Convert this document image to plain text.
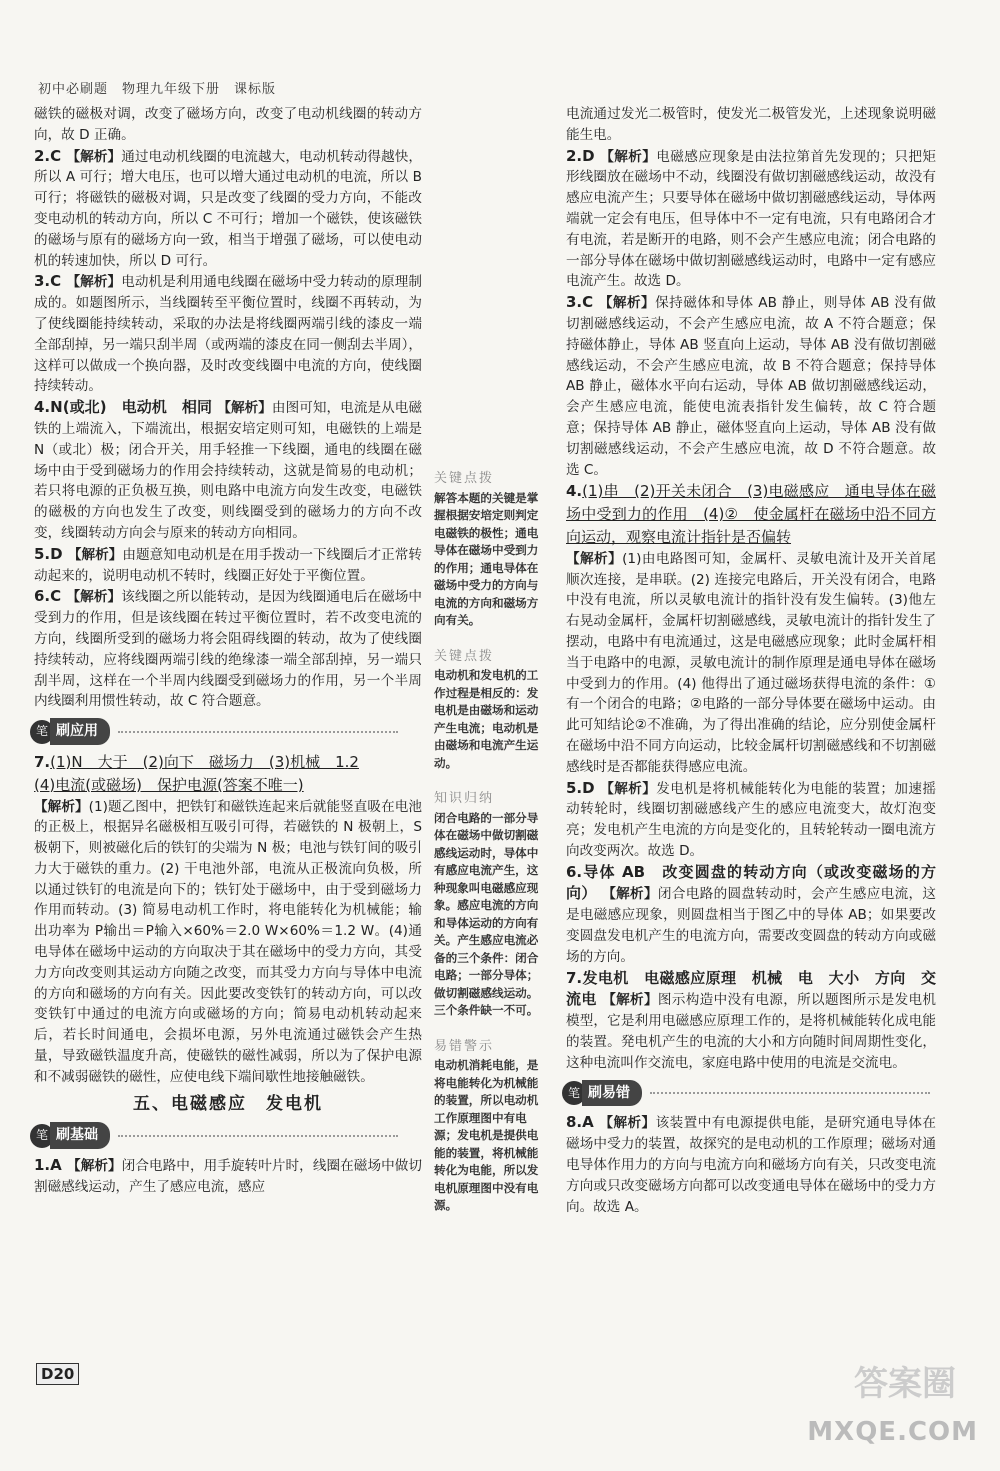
初中必刷题　物理九年级下册　课标版
磁铁的磁极对调，改变了磁场方向，改变了电动机线圈的转动方向，故 D 正确。
2.C 【解析】通过电动机线圈的电流越大，电动机转动得越快，所以 A 可行；增大电压，也可以增大通过电动机的电流，所以 B 可行；将磁铁的磁极对调，只是改变了线圈的受力方向，不能改变电动机的转动方向，所以 C 不可行；增加一个磁铁，使该磁铁的磁场与原有的磁场方向一致，相当于增强了磁场，可以使电动机的转速加快，所以 D 可行。
3.C 【解析】电动机是利用通电线圈在磁场中受力转动的原理制成的。如题图所示，当线圈转至平衡位置时，线圈不再转动，为了使线圈能持续转动，采取的办法是将线圈两端引线的漆皮一端全部刮掉，另一端只刮半周（或两端的漆皮在同一侧刮去半周），这样可以做成一个换向器，及时改变线圈中电流的方向，使线圈持续转动。
4.N(或北)　电动机　相同 【解析】由图可知，电流是从电磁铁的上端流入，下端流出，根据安培定则可知，电磁铁的上端是 N（或北）极；闭合开关，用手轻推一下线圈，通电的线圈在磁场中由于受到磁场力的作用会持续转动，这就是简易的电动机；若只将电源的正负极互换，则电路中电流方向发生改变，电磁铁的磁极的方向也发生了改变，则线圈受到的磁场力的方向不改变，线圈转动方向会与原来的转动方向相同。
5.D 【解析】由题意知电动机是在用手拨动一下线圈后才正常转动起来的，说明电动机不转时，线圈正好处于平衡位置。
6.C 【解析】该线圈之所以能转动，是因为线圈通电后在磁场中受到力的作用，但是该线圈在转过平衡位置时，若不改变电流的方向，线圈所受到的磁场力将会阻碍线圈的转动，故为了使线圈持续转动，应将线圈两端引线的绝缘漆一端全部刮掉，另一端只刮半周，这样在一个半周内线圈受到磁场力的作用，另一个半周内线圈利用惯性转动，故 C 符合题意。
笔 刷应用
7.(1)N　大于　(2)向下　磁场力　(3)机械　1.2
(4)电流(或磁场)　保护电源(答案不唯一)
【解析】(1)题乙图中，把铁钉和磁铁连起来后就能竖直吸在电池的正极上，根据异名磁极相互吸引可得，若磁铁的 N 极朝上，S 极朝下，则被磁化后的铁钉的尖端为 N 极；电池与铁钉间的吸引力大于磁铁的重力。(2) 干电池外部，电流从正极流向负极，所以通过铁钉的电流是向下的；铁钉处于磁场中，由于受到磁场力作用而转动。(3) 简易电动机工作时，将电能转化为机械能；输出功率为 P输出＝P输入×60%＝2.0 W×60%＝1.2 W。(4)通电导体在磁场中运动的方向取决于其在磁场中的受力方向，其受力方向改变则其运动方向随之改变，而其受力方向与导体中电流的方向和磁场的方向有关。因此要改变铁钉的转动方向，可以改变铁钉中通过的电流方向或磁场的方向；简易电动机转动起来后，若长时间通电，会损坏电源，另外电流通过磁铁会产生热量，导致磁铁温度升高，使磁铁的磁性减弱，所以为了保护电源和不减弱磁铁的磁性，应使电线下端间歇性地接触磁铁。
五、电磁感应　发电机
笔 刷基础
1.A 【解析】闭合电路中，用手旋转叶片时，线圈在磁场中做切割磁感线运动，产生了感应电流，感应
电流通过发光二极管时，使发光二极管发光，上述现象说明磁能生电。
2.D 【解析】电磁感应现象是由法拉第首先发现的；只把矩形线圈放在磁场中不动，线圈没有做切割磁感线运动，故没有感应电流产生；只要导体在磁场中做切割磁感线运动，导体两端就一定会有电压，但导体中不一定有电流，只有电路闭合才有电流，若是断开的电路，则不会产生感应电流；闭合电路的一部分导体在磁场中做切割磁感线运动时，电路中一定有感应电流产生。故选 D。
3.C 【解析】保持磁体和导体 AB 静止，则导体 AB 没有做切割磁感线运动，不会产生感应电流，故 A 不符合题意；保持磁体静止，导体 AB 竖直向上运动，导体 AB 没有做切割磁感线运动，不会产生感应电流，故 B 不符合题意；保持导体 AB 静止，磁体水平向右运动，导体 AB 做切割磁感线运动，会产生感应电流，能使电流表指针发生偏转，故 C 符合题意；保持导体 AB 静止，磁体竖直向上运动，导体 AB 没有做切割磁感线运动，不会产生感应电流，故 D 不符合题意。故选 C。
4.(1)串　(2)开关未闭合　(3)电磁感应　通电导体在磁场中受到力的作用　(4)②　使金属杆在磁场中沿不同方向运动，观察电流计指针是否偏转
【解析】(1)由电路图可知，金属杆、灵敏电流计及开关首尾顺次连接，是串联。(2) 连接完电路后，开关没有闭合，电路中没有电流，所以灵敏电流计的指针没有发生偏转。(3)他左右晃动金属杆，金属杆切割磁感线，灵敏电流计的指针发生了摆动，电路中有电流通过，这是电磁感应现象；此时金属杆相当于电路中的电源，灵敏电流计的制作原理是通电导体在磁场中受到力的作用。(4) 他得出了通过磁场获得电流的条件：①有一个闭合的电路；②电路的一部分导体要在磁场中运动。由此可知结论②不准确，为了得出准确的结论，应分别使金属杆在磁场中沿不同方向运动，比较金属杆切割磁感线和不切割磁感线时是否都能获得感应电流。
5.D 【解析】发电机是将机械能转化为电能的装置；加速摇动转轮时，线圈切割磁感线产生的感应电流变大，故灯泡变亮；发电机产生电流的方向是变化的，且转轮转动一圈电流方向改变两次。故选 D。
6.导体 AB　改变圆盘的转动方向（或改变磁场的方向） 【解析】闭合电路的圆盘转动时，会产生感应电流，这是电磁感应现象，则圆盘相当于图乙中的导体 AB；如果要改变圆盘发电机产生的电流方向，需要改变圆盘的转动方向或磁场的方向。
7.发电机　电磁感应原理　机械　电　大小　方向　交流电 【解析】图示构造中没有电源，所以题图所示是发电机模型，它是利用电磁感应原理工作的，是将机械能转化成电能的装置。発电机产生的电流的大小和方向随时间周期性变化，这种电流叫作交流电，家庭电路中使用的电流是交流电。
笔 刷易错
8.A 【解析】该装置中有电源提供电能，是研究通电导体在磁场中受力的装置，故探究的是电动机的工作原理；磁场对通电导体作用力的方向与电流方向和磁场方向有关，只改变电流方向或只改变磁场方向都可以改变通电导体在磁场中的受力方向。故选 A。
关键点拨
解答本题的关键是掌握根据安培定则判定电磁铁的极性；通电导体在磁场中受到力的作用；通电导体在磁场中受力的方向与电流的方向和磁场方向有关。
关键点拨
电动机和发电机的工作过程是相反的：发电机是由磁场和运动产生电流；电动机是由磁场和电流产生运动。
知识归纳
闭合电路的一部分导体在磁场中做切割磁感线运动时，导体中有感应电流产生，这种现象叫电磁感应现象。感应电流的方向和导体运动的方向有关。产生感应电流必备的三个条件：闭合电路；一部分导体；做切割磁感线运动。三个条件缺一不可。
易错警示
电动机消耗电能，是将电能转化为机械能的装置，所以电动机工作原理图中有电源；发电机是提供电能的装置，将机械能转化为电能，所以发电机原理图中没有电源。
D20	答案圈
MXQE.COM
